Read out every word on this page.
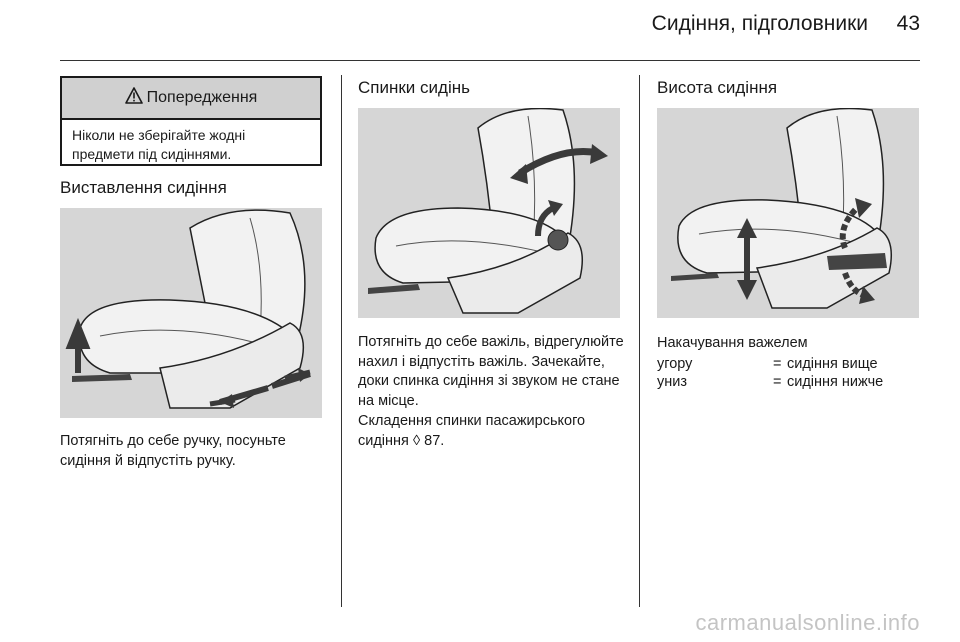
Сидіння, підголовники 43
Попередження
Ніколи не зберігайте жодні предмети під сидіннями.
Виставлення сидіння

Потягніть до себе ручку, посуньте сидіння й відпустіть ручку.

Спинки сидінь

Потягніть до себе важіль, відрегулюйте нахил і відпустіть важіль. Зачекайте, доки спинка сидіння зі звуком не стане на місце.

Складення спинки пасажирського сидіння ◊ 87.

Висота сидіння

Накачування важелем

угору	= сидіння вище
униз	= сидіння нижче
carmanualsonline.info
